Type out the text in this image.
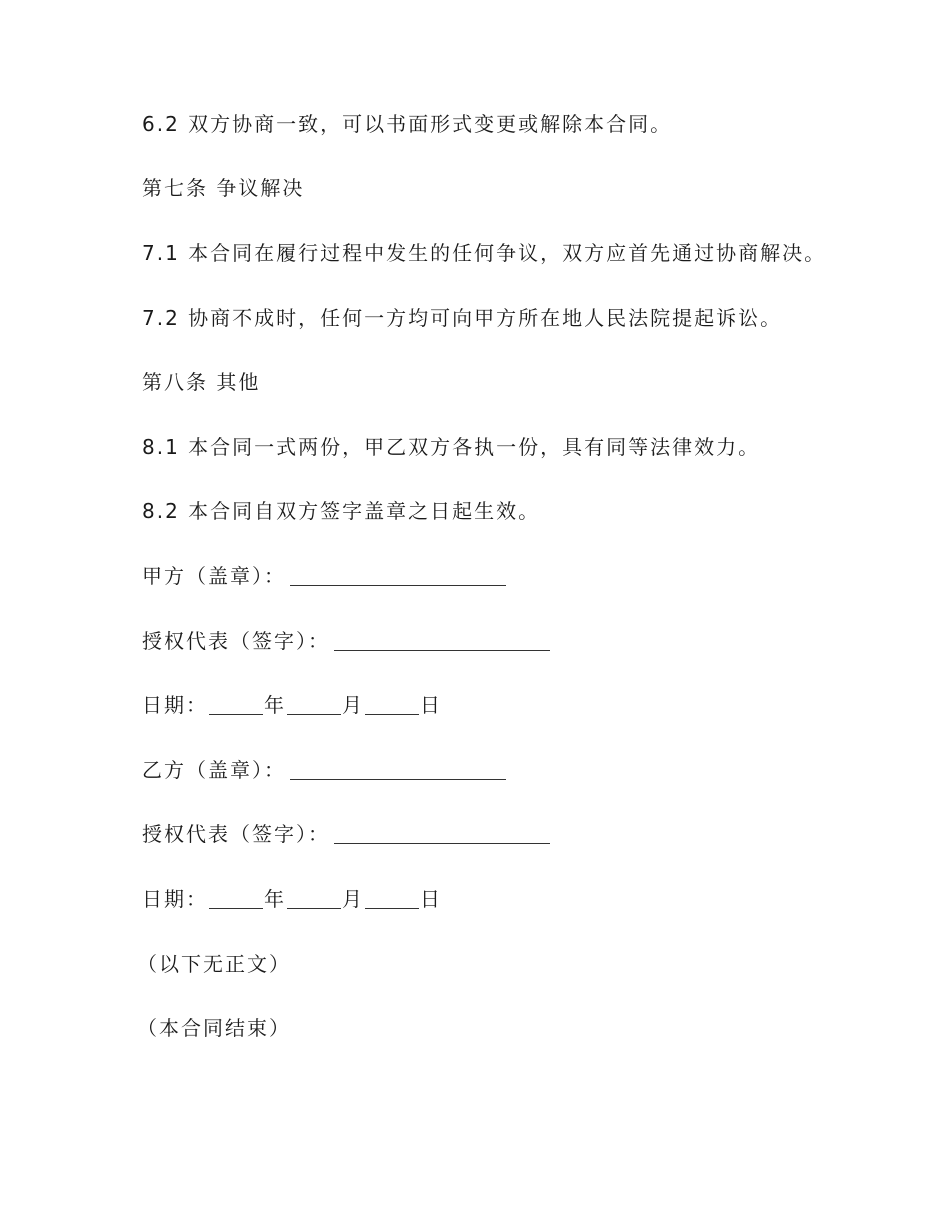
6.2 双方协商一致，可以书面形式变更或解除本合同。
第七条 争议解决
7.1 本合同在履行过程中发生的任何争议，双方应首先通过协商解决。
7.2 协商不成时，任何一方均可向甲方所在地人民法院提起诉讼。
第八条 其他
8.1 本合同一式两份，甲乙双方各执一份，具有同等法律效力。
8.2 本合同自双方签字盖章之日起生效。
甲方（盖章）：
授权代表（签字）：
日期：	年	月	日
乙方（盖章）：
授权代表（签字）：
日期：	年	月	日
（以下无正文）
（本合同结束）
